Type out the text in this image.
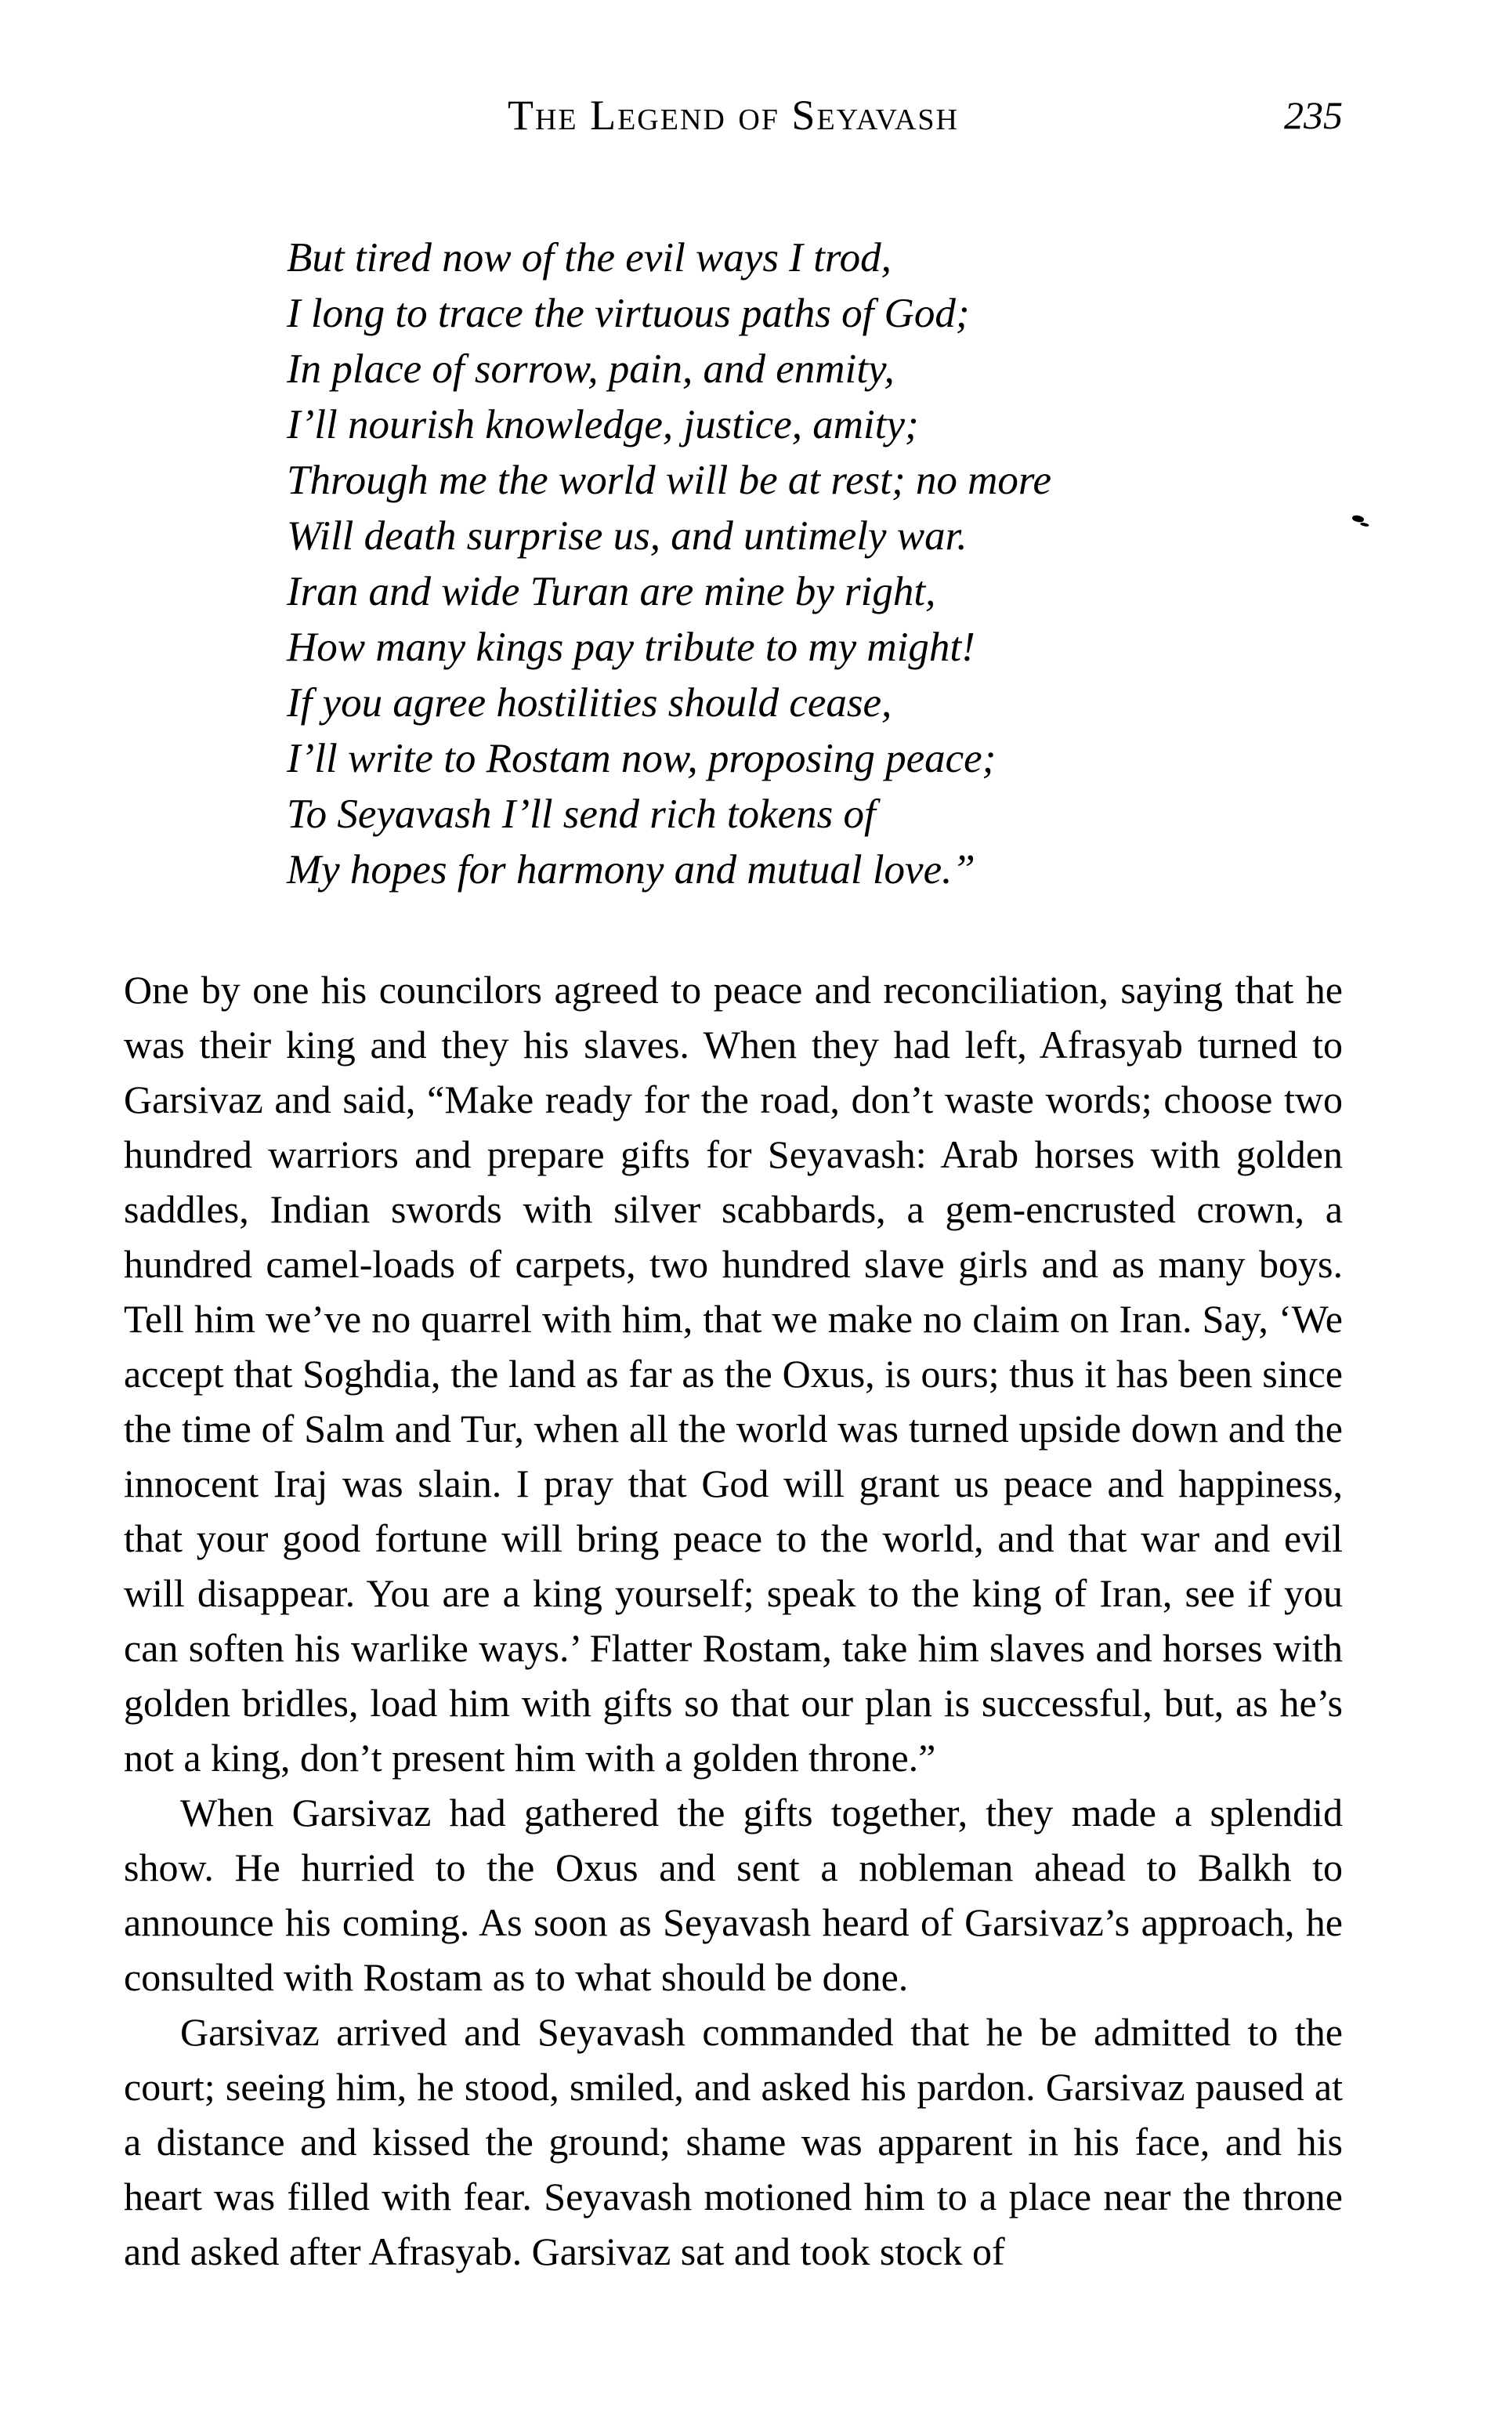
The Legend of Seyavash	235
But tired now of the evil ways I trod,
I long to trace the virtuous paths of God;
In place of sorrow, pain, and enmity,
I’ll nourish knowledge, justice, amity;
Through me the world will be at rest; no more
Will death surprise us, and untimely war.
Iran and wide Turan are mine by right,
How many kings pay tribute to my might!
If you agree hostilities should cease,
I’ll write to Rostam now, proposing peace;
To Seyavash I’ll send rich tokens of
My hopes for harmony and mutual love.”

One by one his councilors agreed to peace and reconciliation, saying that he was their king and they his slaves. When they had left, Afrasyab turned to Garsivaz and said, “Make ready for the road, don’t waste words; choose two hundred warriors and prepare gifts for Seyavash: Arab horses with golden saddles, Indian swords with silver scabbards, a gem-encrusted crown, a hundred camel-loads of carpets, two hundred slave girls and as many boys. Tell him we’ve no quarrel with him, that we make no claim on Iran. Say, ‘We accept that Soghdia, the land as far as the Oxus, is ours; thus it has been since the time of Salm and Tur, when all the world was turned upside down and the innocent Iraj was slain. I pray that God will grant us peace and happiness, that your good fortune will bring peace to the world, and that war and evil will disappear. You are a king yourself; speak to the king of Iran, see if you can soften his warlike ways.’ Flatter Rostam, take him slaves and horses with golden bridles, load him with gifts so that our plan is successful, but, as he’s not a king, don’t present him with a golden throne.”

When Garsivaz had gathered the gifts together, they made a splendid show. He hurried to the Oxus and sent a nobleman ahead to Balkh to announce his coming. As soon as Seyavash heard of Garsivaz’s approach, he consulted with Rostam as to what should be done.

Garsivaz arrived and Seyavash commanded that he be admitted to the court; seeing him, he stood, smiled, and asked his pardon. Garsivaz paused at a distance and kissed the ground; shame was apparent in his face, and his heart was filled with fear. Seyavash motioned him to a place near the throne and asked after Afrasyab. Garsivaz sat and took stock of
